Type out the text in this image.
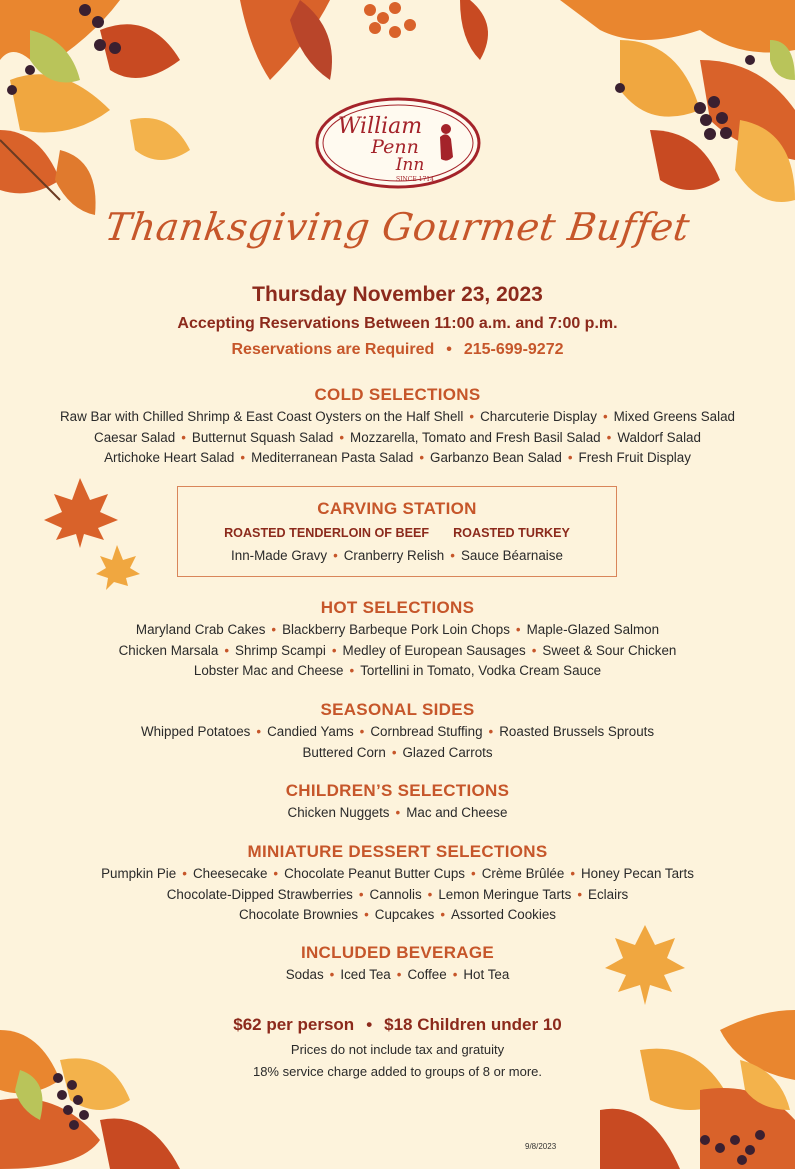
William
Penn
Inn
SINCE 1714
Thanksgiving Gourmet Buffet
Thursday November 23, 2023
Accepting Reservations Between 11:00 a.m. and 7:00 p.m.
Reservations are Required • 215-699-9272
COLD SELECTIONS
Raw Bar with Chilled Shrimp & East Coast Oysters on the Half Shell • Charcuterie Display • Mixed Greens Salad
Caesar Salad • Butternut Squash Salad • Mozzarella, Tomato and Fresh Basil Salad • Waldorf Salad
Artichoke Heart Salad • Mediterranean Pasta Salad • Garbanzo Bean Salad • Fresh Fruit Display
CARVING STATION
ROASTED TENDERLOIN OF BEEF ROASTED TURKEY
Inn-Made Gravy • Cranberry Relish • Sauce Béarnaise
HOT SELECTIONS
Maryland Crab Cakes • Blackberry Barbeque Pork Loin Chops • Maple-Glazed Salmon
Chicken Marsala • Shrimp Scampi • Medley of European Sausages • Sweet & Sour Chicken
Lobster Mac and Cheese • Tortellini in Tomato, Vodka Cream Sauce
SEASONAL SIDES
Whipped Potatoes • Candied Yams • Cornbread Stuffing • Roasted Brussels Sprouts
Buttered Corn • Glazed Carrots
CHILDREN’S SELECTIONS
Chicken Nuggets • Mac and Cheese
MINIATURE DESSERT SELECTIONS
Pumpkin Pie • Cheesecake • Chocolate Peanut Butter Cups • Crème Brûlée • Honey Pecan Tarts
Chocolate-Dipped Strawberries • Cannolis • Lemon Meringue Tarts • Eclairs
Chocolate Brownies • Cupcakes • Assorted Cookies
INCLUDED BEVERAGE
Sodas • Iced Tea • Coffee • Hot Tea
$62 per person • $18 Children under 10
Prices do not include tax and gratuity
18% service charge added to groups of 8 or more.
9/8/2023
